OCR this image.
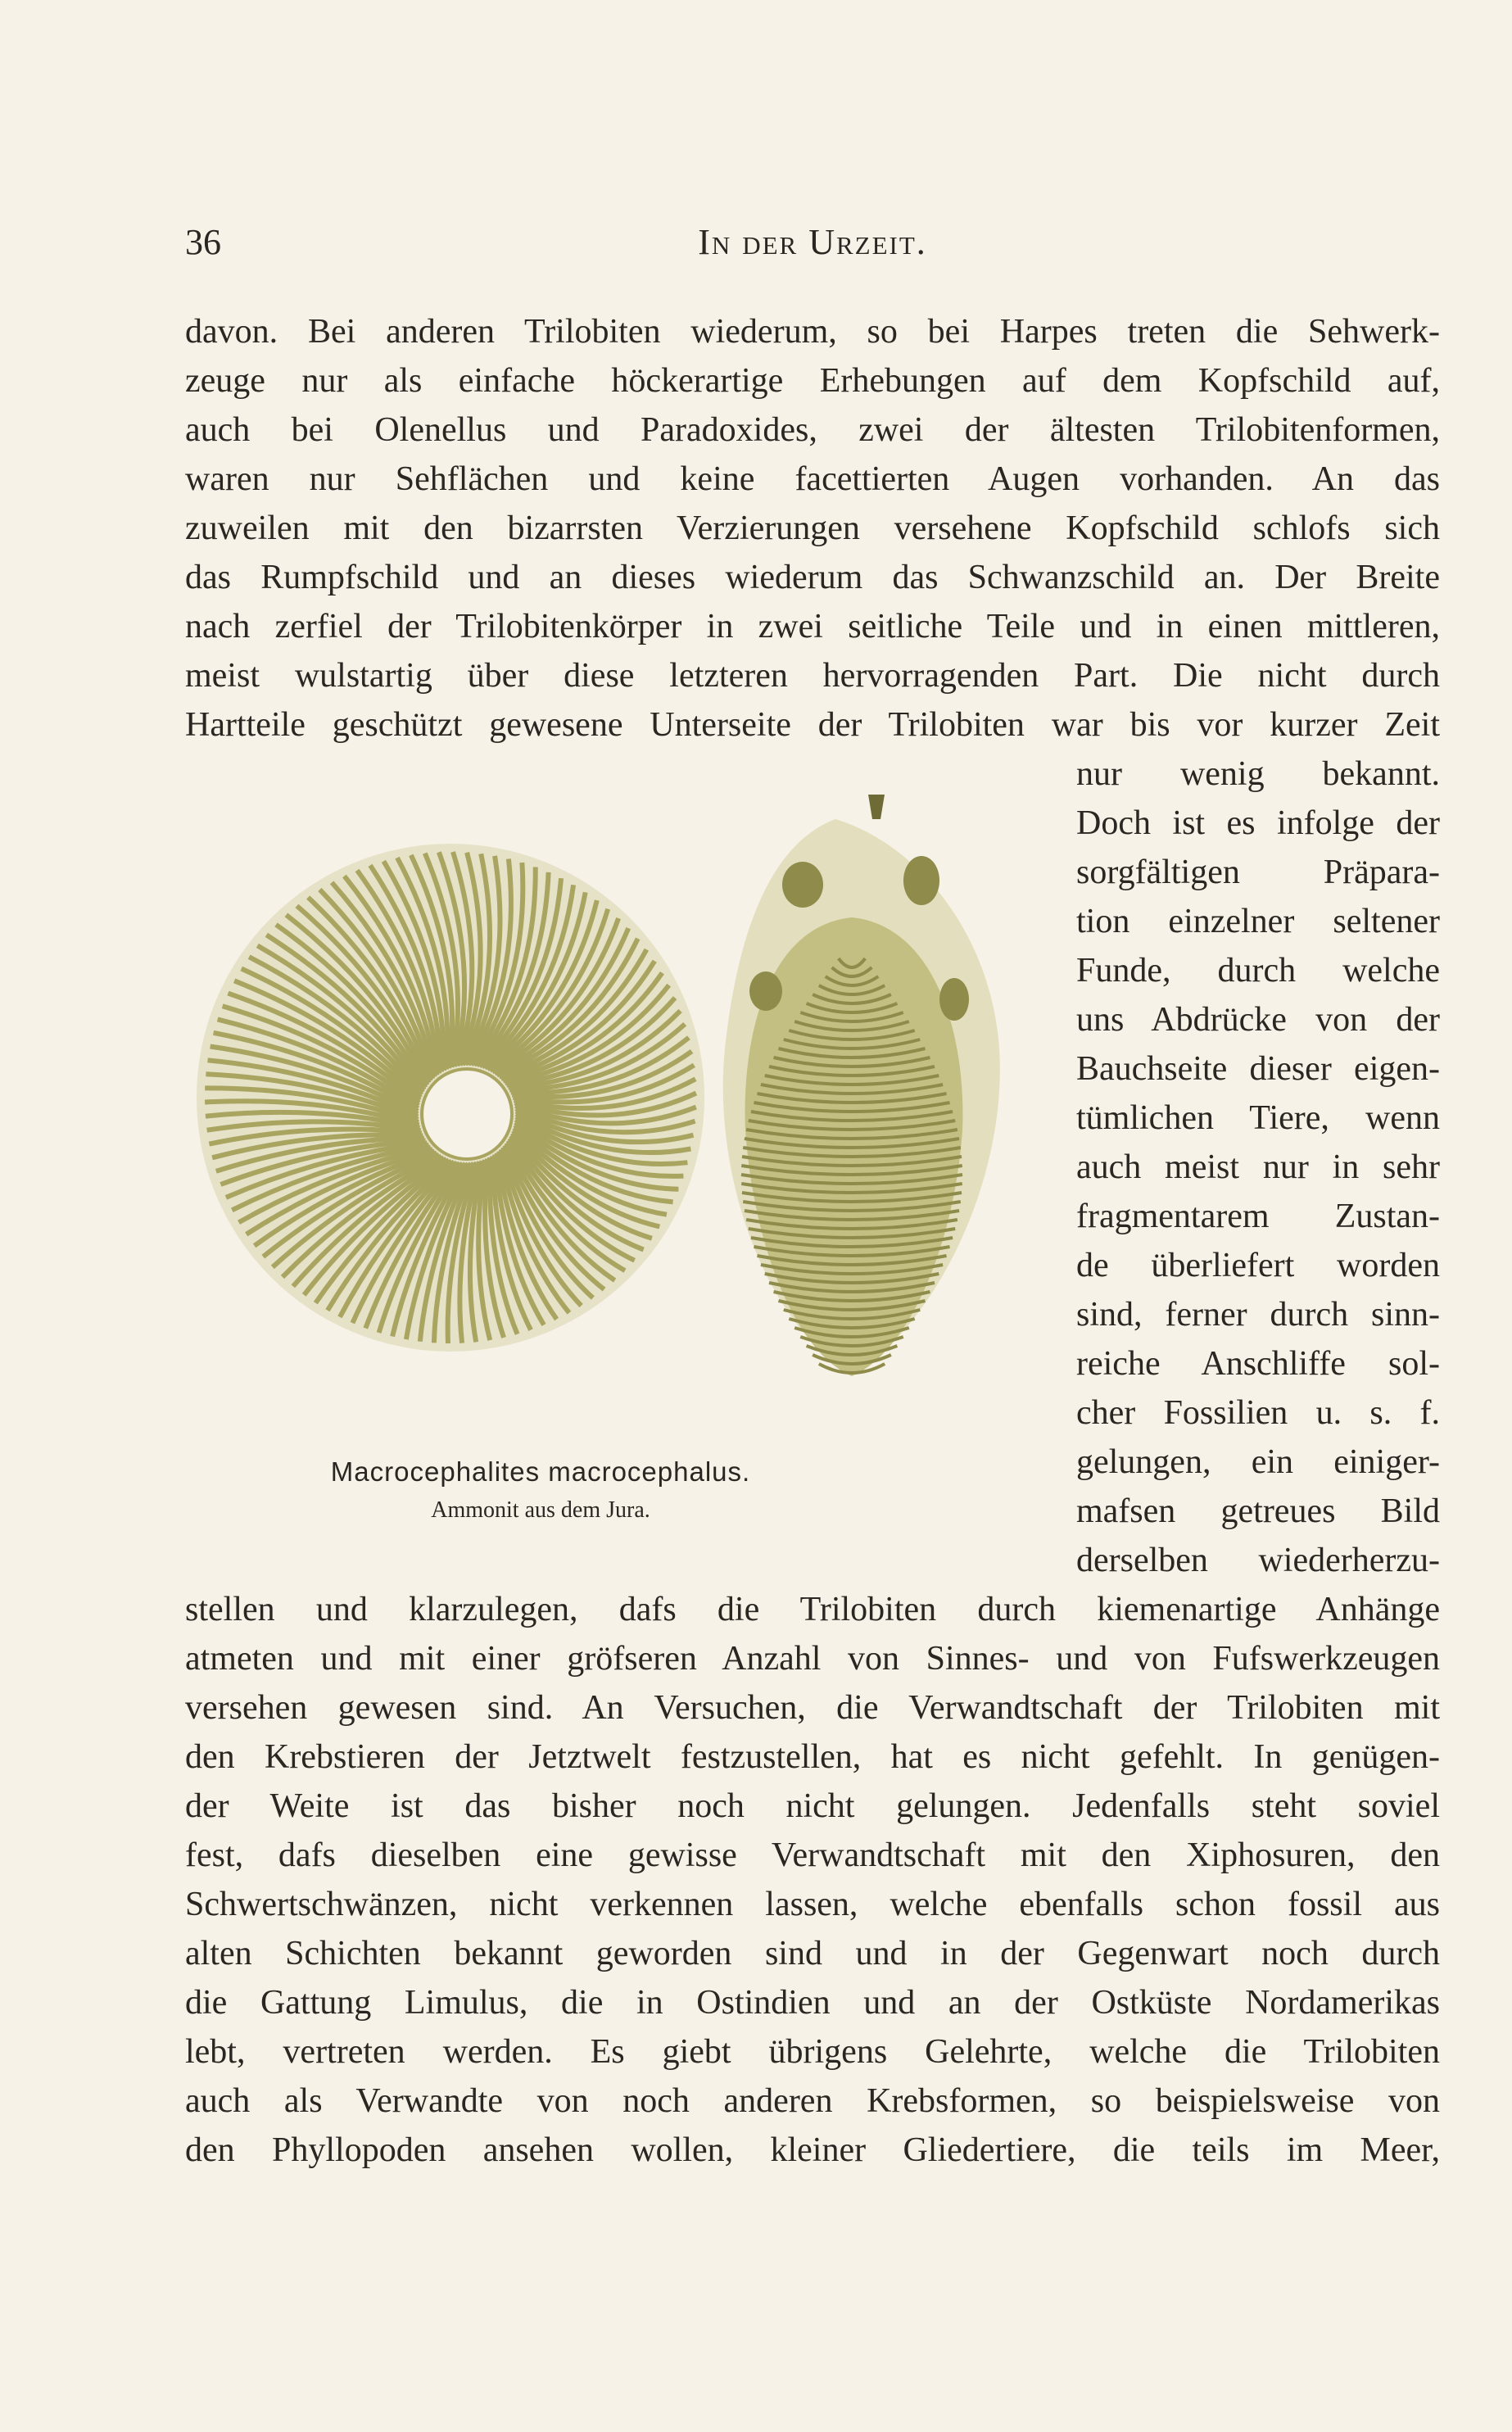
36	In der Urzeit.
davon. Bei anderen Trilobiten wiederum, so bei Harpes treten die Sehwerk-
zeuge nur als einfache höckerartige Erhebungen auf dem Kopfschild auf,
auch bei Olenellus und Paradoxides, zwei der ältesten Trilobitenformen,
waren nur Sehflächen und keine facettierten Augen vorhanden. An das
zuweilen mit den bizarrsten Verzierungen versehene Kopfschild schlofs sich
das Rumpfschild und an dieses wiederum das Schwanzschild an. Der Breite
nach zerfiel der Trilobitenkörper in zwei seitliche Teile und in einen mittleren,
meist wulstartig über diese letzteren hervorragenden Part. Die nicht durch
Hartteile geschützt gewesene Unterseite der Trilobiten war bis vor kurzer Zeit
nur wenig bekannt.
Doch ist es infolge der
sorgfältigen Präpara-
tion einzelner seltener
Funde, durch welche
uns Abdrücke von der
Bauchseite dieser eigen-
tümlichen Tiere, wenn
auch meist nur in sehr
fragmentarem Zustan-
de überliefert worden
sind, ferner durch sinn-
reiche Anschliffe sol-
cher Fossilien u. s. f.
gelungen, ein einiger-
mafsen getreues Bild
derselben wiederherzu-
Macrocephalites macrocephalus.
Ammonit aus dem Jura.
stellen und klarzulegen, dafs die Trilobiten durch kiemenartige Anhänge
atmeten und mit einer gröfseren Anzahl von Sinnes- und von Fufswerkzeugen
versehen gewesen sind. An Versuchen, die Verwandtschaft der Trilobiten mit
den Krebstieren der Jetztwelt festzustellen, hat es nicht gefehlt. In genügen-
der Weite ist das bisher noch nicht gelungen. Jedenfalls steht soviel
fest, dafs dieselben eine gewisse Verwandtschaft mit den Xiphosuren, den
Schwertschwänzen, nicht verkennen lassen, welche ebenfalls schon fossil aus
alten Schichten bekannt geworden sind und in der Gegenwart noch durch
die Gattung Limulus, die in Ostindien und an der Ostküste Nordamerikas
lebt, vertreten werden. Es giebt übrigens Gelehrte, welche die Trilobiten
auch als Verwandte von noch anderen Krebsformen, so beispielsweise von
den Phyllopoden ansehen wollen, kleiner Gliedertiere, die teils im Meer,
